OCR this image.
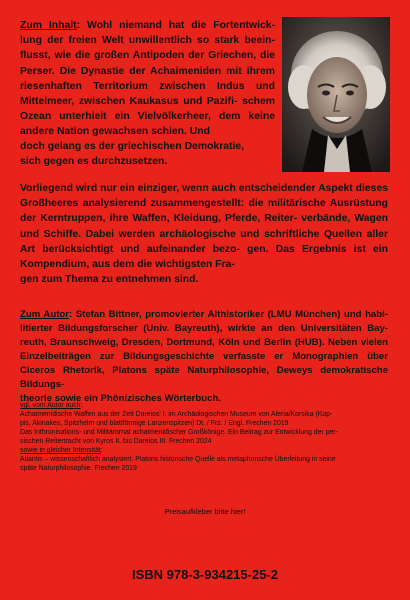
Zum Inhalt: Wohl niemand hat die Fortentwick- lung der freien Welt unwillentlich so stark beein- flusst, wie die großen Antipoden der Griechen, die Perser. Die Dynastie der Achaimeniden mit ihrem riesenhaften Territorium zwischen Indus und Mittelmeer, zwischen Kaukasus und Pazifi- schem Ozean unterhielt ein Vielvölkerheer, dem keine andere Nation gewachsen schien. Und

doch gelang es der griechischen Demokratie,
sich gegen es durchzusetzen.

Vorliegend wird nur ein einziger, wenn auch entscheidender Aspekt dieses Großheeres analysierend zusammengestellt: die militärische Ausrüstung der Kerntruppen, ihre Waffen, Kleidung, Pferde, Reiter- verbände, Wagen und Schiffe. Dabei werden archäologische und schriftliche Quellen aller Art berücksichtigt und aufeinander bezo- gen. Das Ergebnis ist ein Kompendium, aus dem die wichtigsten Fra-
gen zum Thema zu entnehmen sind.

Zum Autor: Stefan Bittner, promovierter Althistoriker (LMU München) und habi- litierter Bildungsforscher (Univ. Bayreuth), wirkte an den Universitäten Bay- reuth, Braunschweig, Dresden, Dortmund, Köln und Berlin (HUB). Neben vielen Einzelbeiträgen zur Bildungsgeschichte verfasste er Monographien über Ciceros Rhetorik, Platons späte Naturphilosophie, Deweys demokratische Bildungs-
theorie sowie ein Phönizisches Wörterbuch.

vgl. vom Autor auch:

Achaimenidische Waffen aus der Zeit Dareios' I. im Archäologischen Museum von Aleria/Korsika (Kop-

pis, Akinakes, Spitzhelm und blattförmige Lanzenspitzen) Dt. / Frz. / Engl. Frechen 2019

Das Inthronisations- und Militärornat achaimenidischer Großkönige. Ein Beitrag zur Entwicklung der per-

sischen Reitertracht von Kyros II. bis Dareios III. Frechen 2024

sowie in gleicher Intensität:

Atlantis – wissenschaftlich analysiert. Platons historische Quelle als metaphorische Überleitung in seine

späte Naturphilosophie. Frechen 2019

Preisaufkleber bitte hier!

ISBN 978-3-934215-25-2
